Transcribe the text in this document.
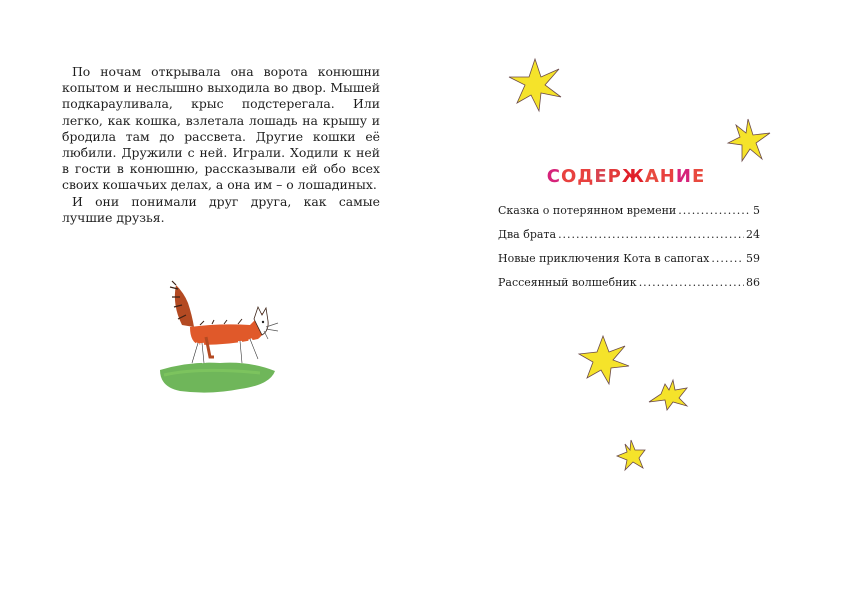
По ночам открывала она ворота конюшни копытом и неслышно выходила во двор. Мышей подкарауливала, крыс подстерегала. Или легко, как кошка, взлетала лошадь на крышу и бродила там до рассвета. Другие кошки её любили. Дружили с ней. Играли. Ходили к ней в гости в конюшню, рассказывали ей обо всех своих кошачьих делах, а она им – о лошадиных.

И они понимали друг друга, как самые лучшие друзья.

СОДЕРЖАНИЕ
Сказка о потерянном времени .....	5
Два брата .....	24
Новые приключения Кота в сапогах .....	59
Рассеянный волшебник .....	86
